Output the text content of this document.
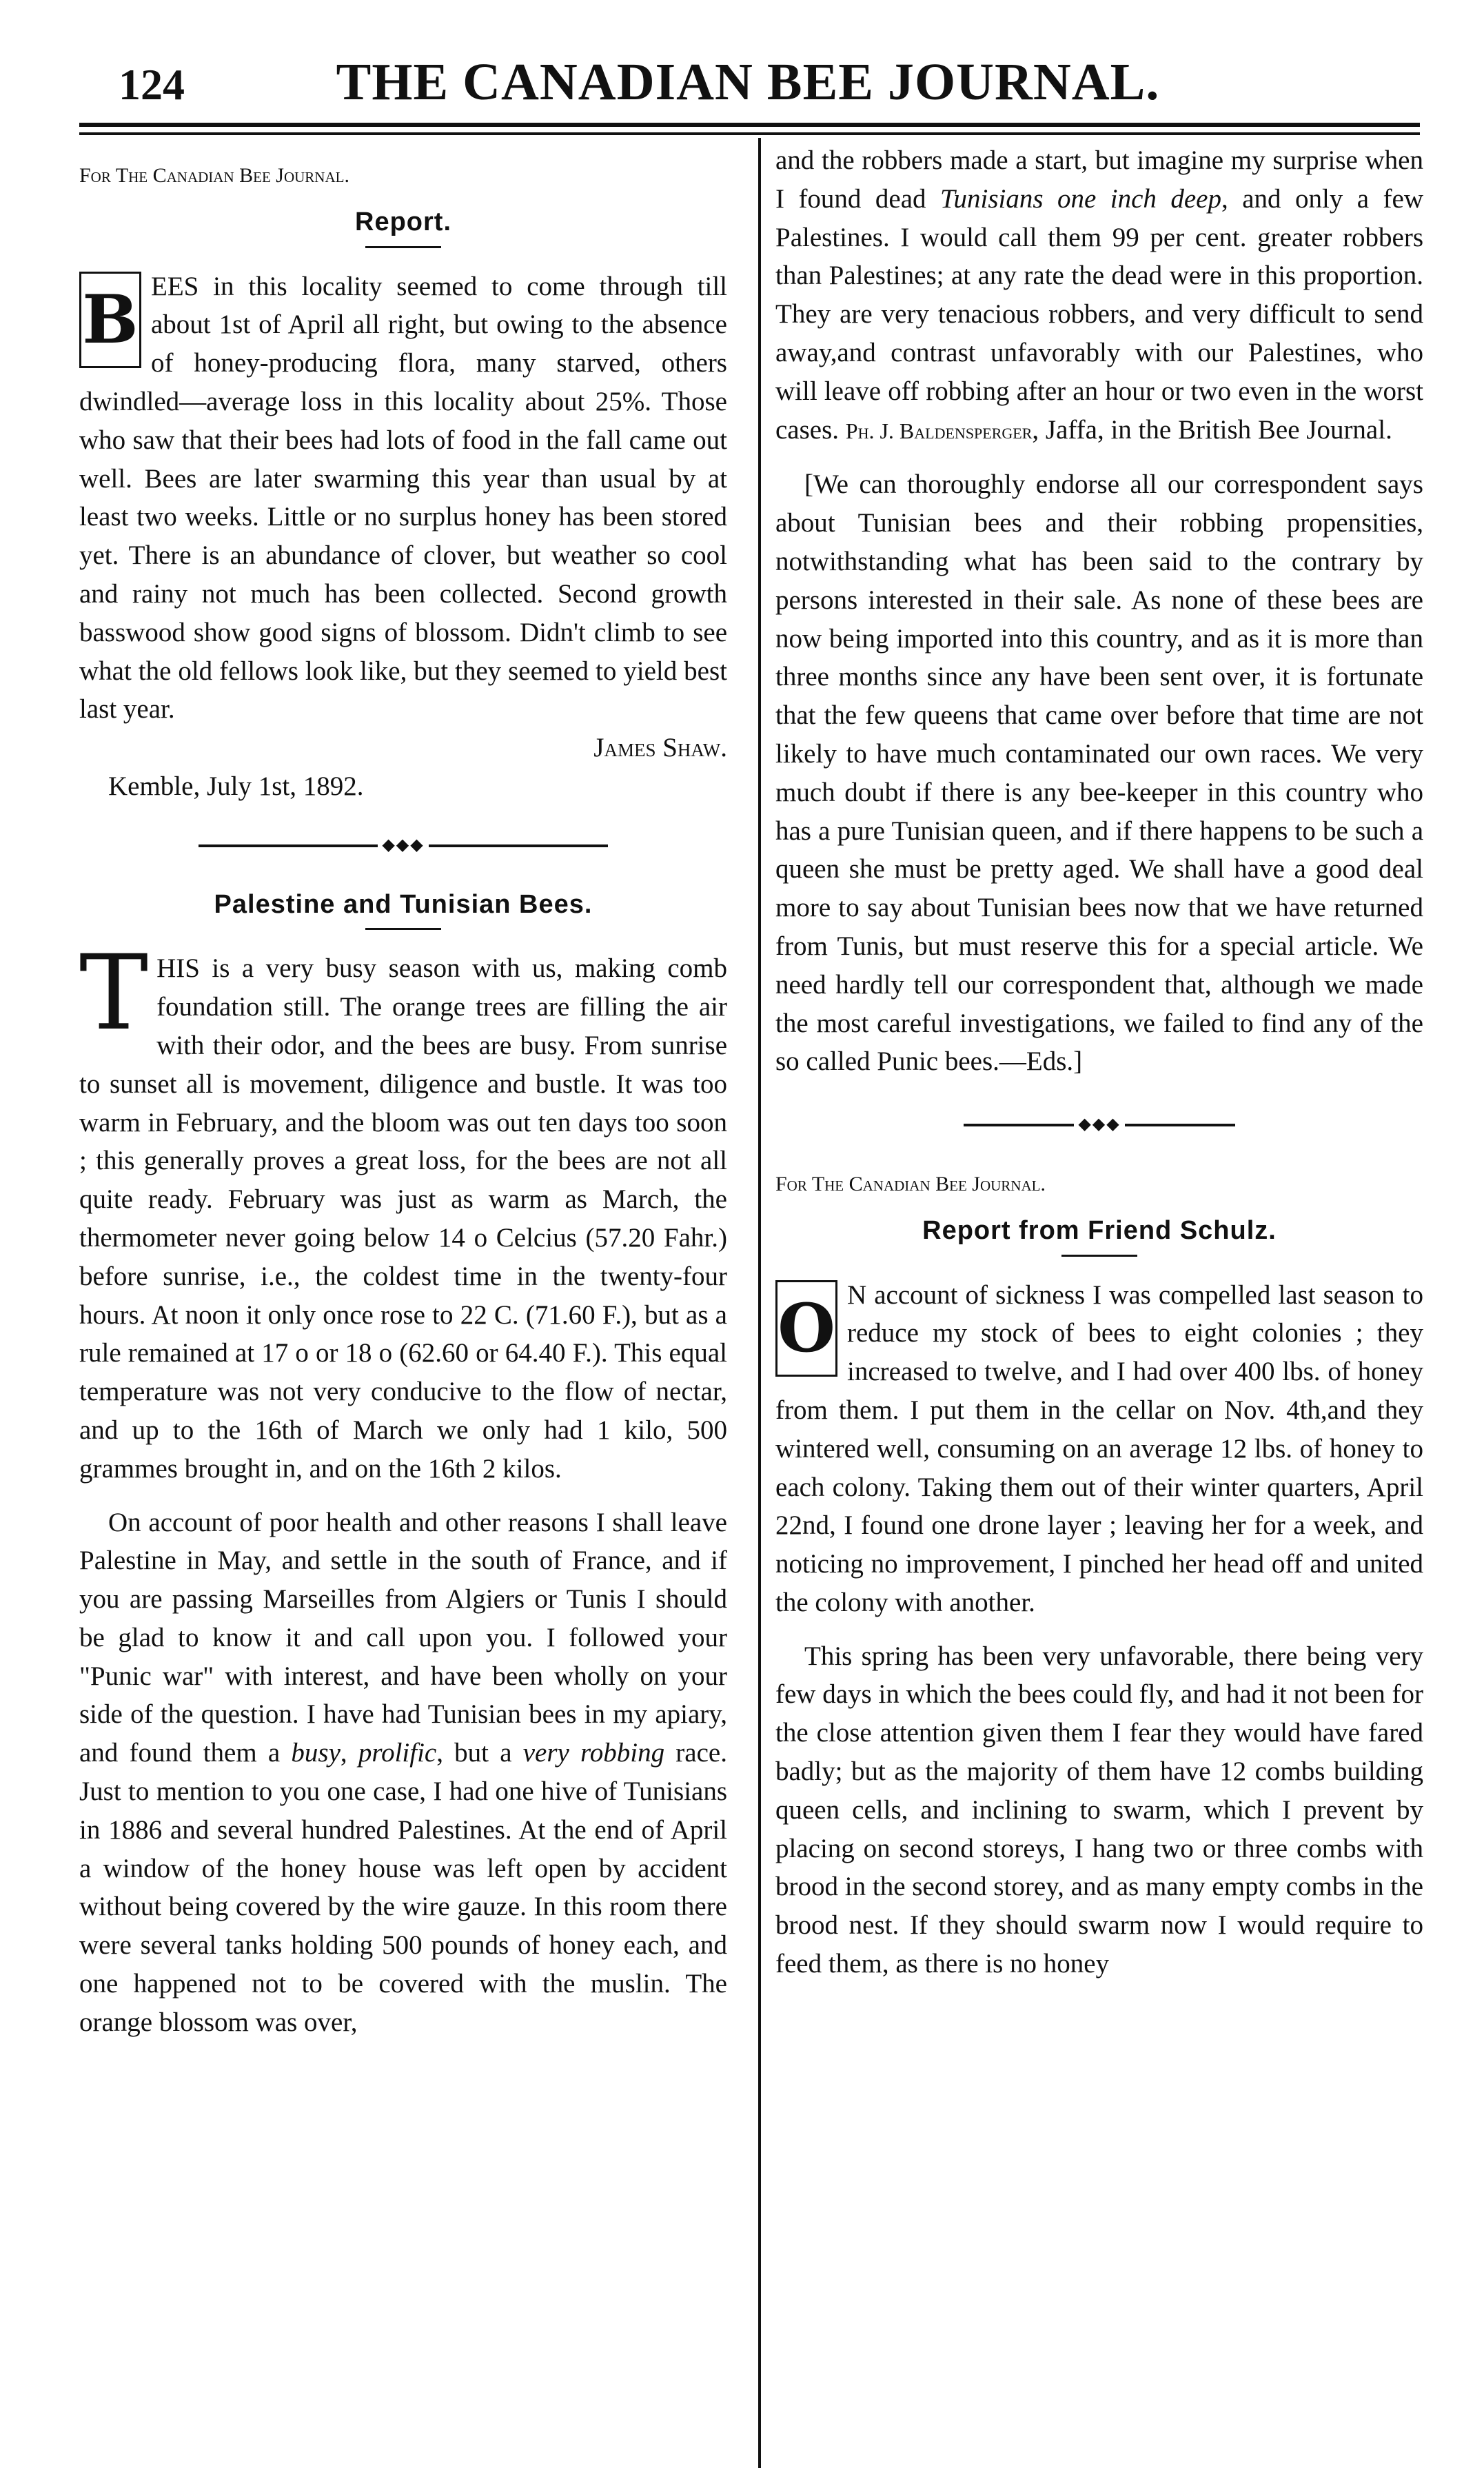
124	THE CANADIAN BEE JOURNAL.
For The Canadian Bee Journal.
Report.

B EES in this locality seemed to come through till about 1st of April all right, but owing to the absence of honey-producing flora, many starved, others dwindled—average loss in this locality about 25%. Those who saw that their bees had lots of food in the fall came out well. Bees are later swarming this year than usual by at least two weeks. Little or no surplus honey has been stored yet. There is an abundance of clover, but weather so cool and rainy not much has been collected. Second growth basswood show good signs of blossom. Didn't climb to see what the old fellows look like, but they seemed to yield best last year.

James Shaw.

Kemble, July 1st, 1892.

◆◆◆
Palestine and Tunisian Bees.

THIS is a very busy season with us, making comb foundation still. The orange trees are filling the air with their odor, and the bees are busy. From sunrise to sunset all is movement, diligence and bustle. It was too warm in February, and the bloom was out ten days too soon ; this generally proves a great loss, for the bees are not all quite ready. February was just as warm as March, the thermometer never going below 14 o Celcius (57.20 Fahr.) before sunrise, i.e., the coldest time in the twenty-four hours. At noon it only once rose to 22 C. (71.60 F.), but as a rule remained at 17 o or 18 o (62.60 or 64.40 F.). This equal temperature was not very conducive to the flow of nectar, and up to the 16th of March we only had 1 kilo, 500 grammes brought in, and on the 16th 2 kilos.

On account of poor health and other reasons I shall leave Palestine in May, and settle in the south of France, and if you are passing Marseilles from Algiers or Tunis I should be glad to know it and call upon you. I followed your "Punic war" with interest, and have been wholly on your side of the question. I have had Tunisian bees in my apiary, and found them a busy, prolific, but a very robbing race. Just to mention to you one case, I had one hive of Tunisians in 1886 and several hundred Palestines. At the end of April a window of the honey house was left open by accident without being covered by the wire gauze. In this room there were several tanks holding 500 pounds of honey each, and one happened not to be covered with the muslin. The orange blossom was over,

and the robbers made a start, but imagine my surprise when I found dead Tunisians one inch deep, and only a few Palestines. I would call them 99 per cent. greater robbers than Palestines; at any rate the dead were in this proportion. They are very tenacious robbers, and very difficult to send away,and contrast unfavorably with our Palestines, who will leave off robbing after an hour or two even in the worst cases. Ph. J. Baldensperger, Jaffa, in the British Bee Journal.

[We can thoroughly endorse all our correspondent says about Tunisian bees and their robbing propensities, notwithstanding what has been said to the contrary by persons interested in their sale. As none of these bees are now being imported into this country, and as it is more than three months since any have been sent over, it is fortunate that the few queens that came over before that time are not likely to have much contaminated our own races. We very much doubt if there is any bee-keeper in this country who has a pure Tunisian queen, and if there happens to be such a queen she must be pretty aged. We shall have a good deal more to say about Tunisian bees now that we have returned from Tunis, but must reserve this for a special article. We need hardly tell our correspondent that, although we made the most careful investigations, we failed to find any of the so called Punic bees.—Eds.]

◆◆◆
For The Canadian Bee Journal.
Report from Friend Schulz.

O N account of sickness I was compelled last season to reduce my stock of bees to eight colonies ; they increased to twelve, and I had over 400 lbs. of honey from them. I put them in the cellar on Nov. 4th,and they wintered well, consuming on an average 12 lbs. of honey to each colony. Taking them out of their winter quarters, April 22nd, I found one drone layer ; leaving her for a week, and noticing no improvement, I pinched her head off and united the colony with another.

This spring has been very unfavorable, there being very few days in which the bees could fly, and had it not been for the close attention given them I fear they would have fared badly; but as the majority of them have 12 combs building queen cells, and inclining to swarm, which I prevent by placing on second storeys, I hang two or three combs with brood in the second storey, and as many empty combs in the brood nest. If they should swarm now I would require to feed them, as there is no honey
